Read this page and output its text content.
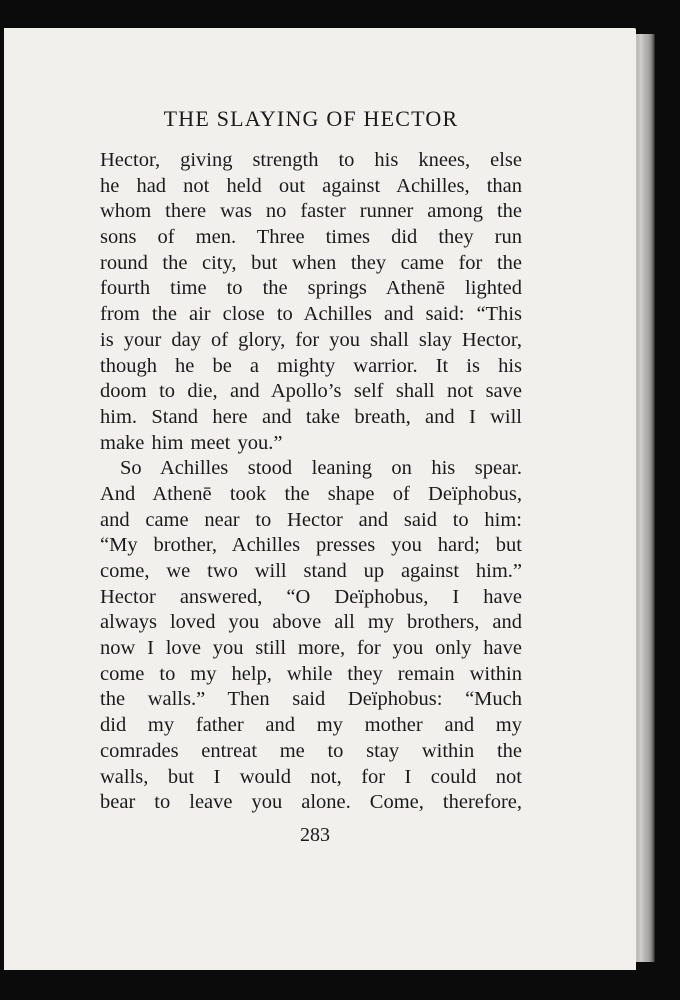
THE SLAYING OF HECTOR
Hector, giving strength to his knees, else
he had not held out against Achilles, than
whom there was no faster runner among the
sons of men. Three times did they run
round the city, but when they came for the
fourth time to the springs Athenē lighted
from the air close to Achilles and said: “This
is your day of glory, for you shall slay Hector,
though he be a mighty warrior. It is his
doom to die, and Apollo’s self shall not save
him. Stand here and take breath, and I will
make him meet you.”
So Achilles stood leaning on his spear.
And Athenē took the shape of Deïphobus,
and came near to Hector and said to him:
“My brother, Achilles presses you hard; but
come, we two will stand up against him.”
Hector answered, “O Deïphobus, I have
always loved you above all my brothers, and
now I love you still more, for you only have
come to my help, while they remain within
the walls.” Then said Deïphobus: “Much
did my father and my mother and my
comrades entreat me to stay within the
walls, but I would not, for I could not
bear to leave you alone. Come, therefore,

283
